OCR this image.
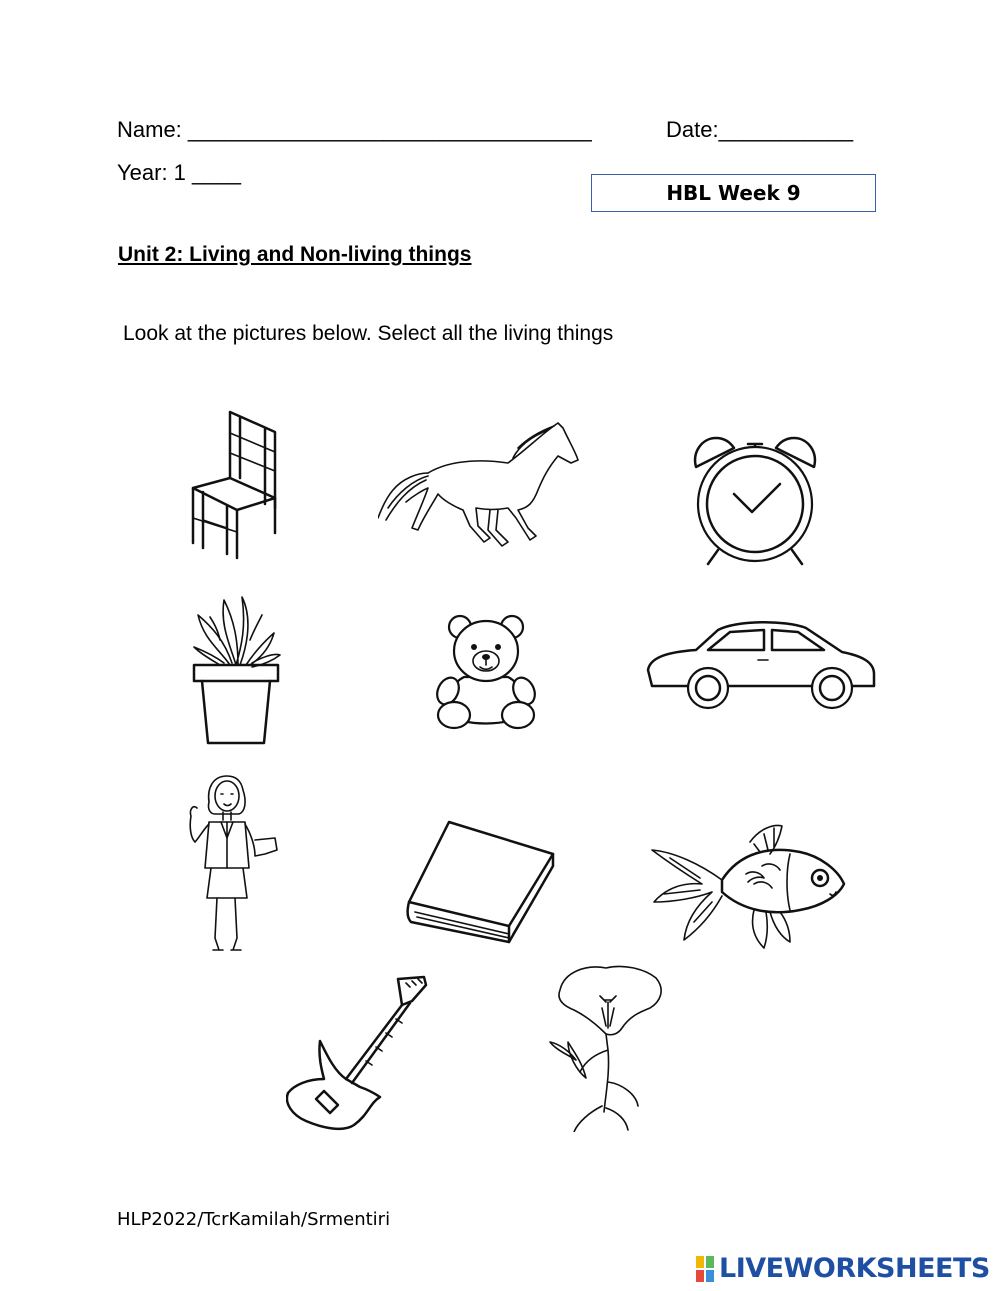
Name: _________________________________	Date:___________
Year: 1 ____
HBL Week 9
Unit 2: Living and Non-living things
Look at the pictures below. Select all the living things
HLP2022/TcrKamilah/Srmentiri
LIVEWORKSHEETS
